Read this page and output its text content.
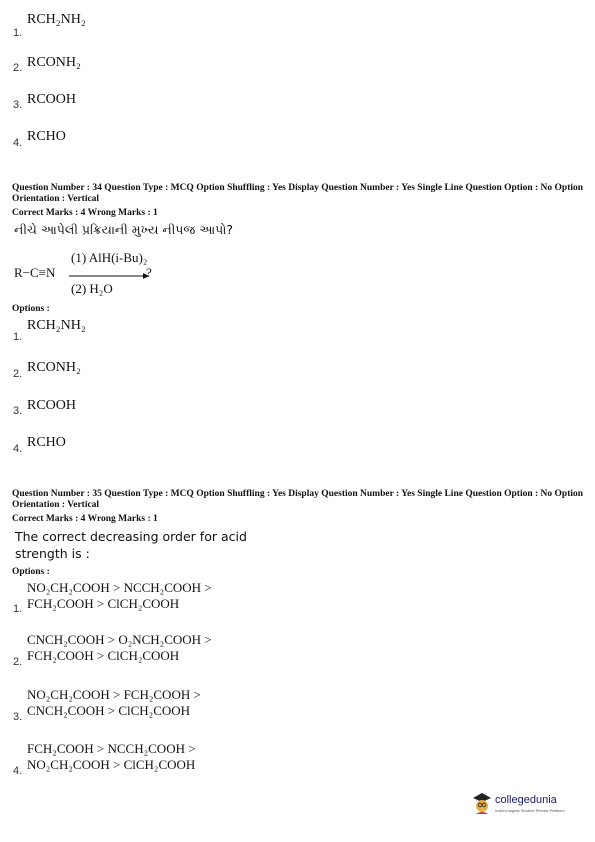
RCH₂NH₂
1.
RCONH₂
2.
RCOOH
3.
RCHO
4.
Question Number : 34 Question Type : MCQ Option Shuffling : Yes Display Question Number : Yes Single Line Question Option : No Option Orientation : Vertical
Correct Marks : 4 Wrong Marks : 1
નીચે આપેલી પ્રક્રિયાની મુખ્ય નીપજ આપો?
R−C≡N
(1) AlH(i-Bu)₂
?
(2) H₂O
Options :
RCH₂NH₂
1.
RCONH₂
2.
RCOOH
3.
RCHO
4.
Question Number : 35 Question Type : MCQ Option Shuffling : Yes Display Question Number : Yes Single Line Question Option : No Option Orientation : Vertical
Correct Marks : 4 Wrong Marks : 1
The correct decreasing order for acid
strength is :
Options :
NO₂CH₂COOH > NCCH₂COOH >
FCH₂COOH > ClCH₂COOH
1.
CNCH₂COOH > O₂NCH₂COOH >
FCH₂COOH > ClCH₂COOH
2.
NO₂CH₂COOH > FCH₂COOH >
CNCH₂COOH > ClCH₂COOH
3.
FCH₂COOH > NCCH₂COOH >
NO₂CH₂COOH > ClCH₂COOH
4.
collegedunia
India's largest Student Review Platform
